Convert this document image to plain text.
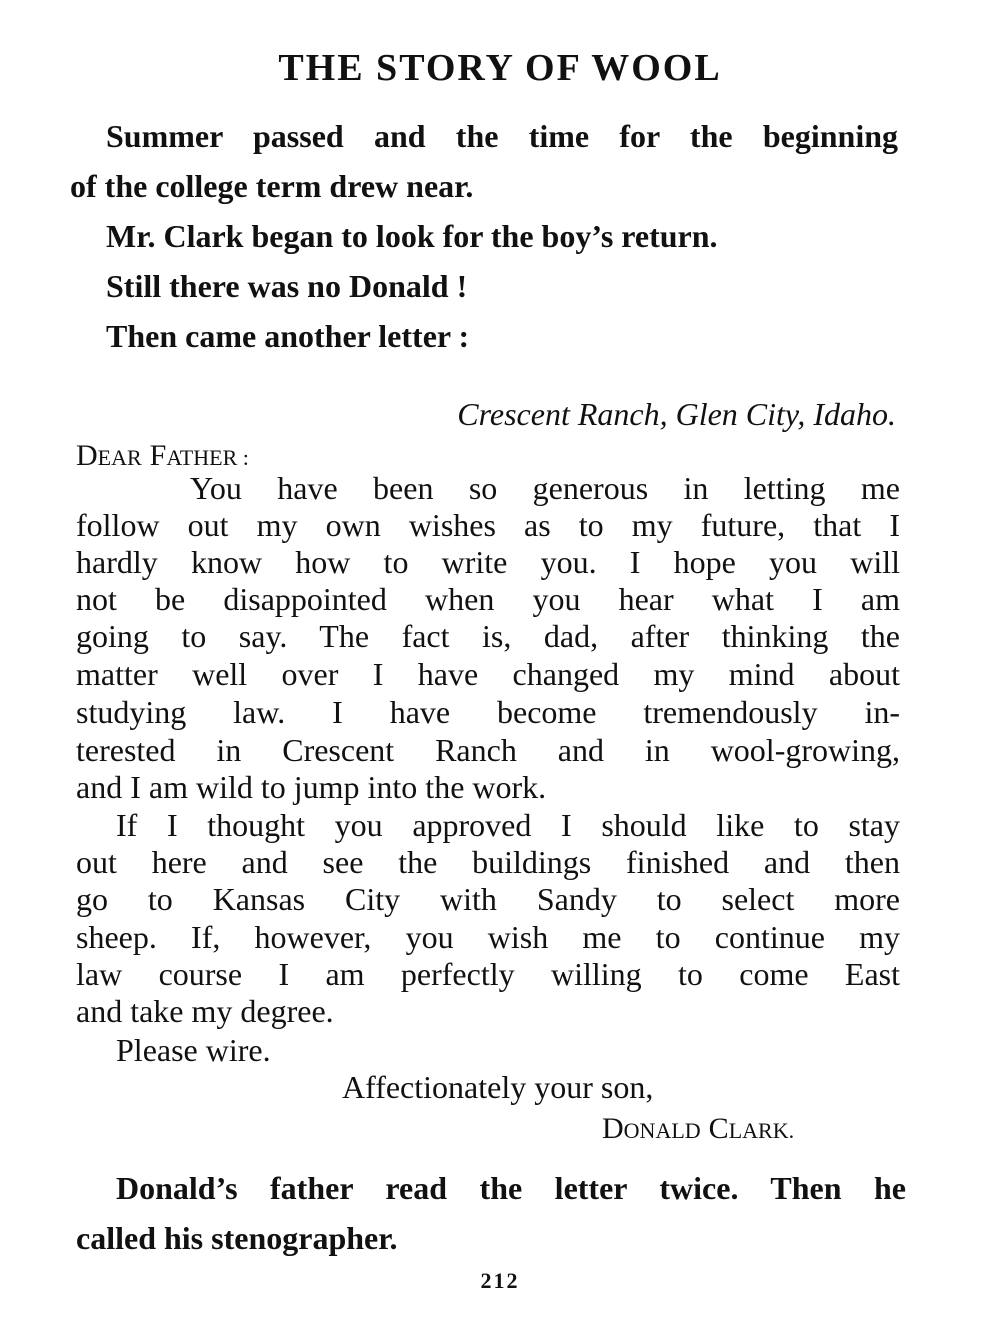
THE STORY OF WOOL
Summer passed and the time for the beginning
of the college term drew near.
Mr. Clark began to look for the boy’s return.
Still there was no Donald !
Then came another letter :
Crescent Ranch, Glen City, Idaho.
DEAR FATHER :
You have been so generous in letting me
follow out my own wishes as to my future, that I
hardly know how to write you. I hope you will
not be disappointed when you hear what I am
going to say. The fact is, dad, after thinking the
matter well over I have changed my mind about
studying law. I have become tremendously in-
terested in Crescent Ranch and in wool-growing,
and I am wild to jump into the work.
If I thought you approved I should like to stay
out here and see the buildings finished and then
go to Kansas City with Sandy to select more
sheep. If, however, you wish me to continue my
law course I am perfectly willing to come East
and take my degree.
Please wire.
Affectionately your son,
DONALD CLARK.
Donald’s father read the letter twice. Then he
called his stenographer.
212
